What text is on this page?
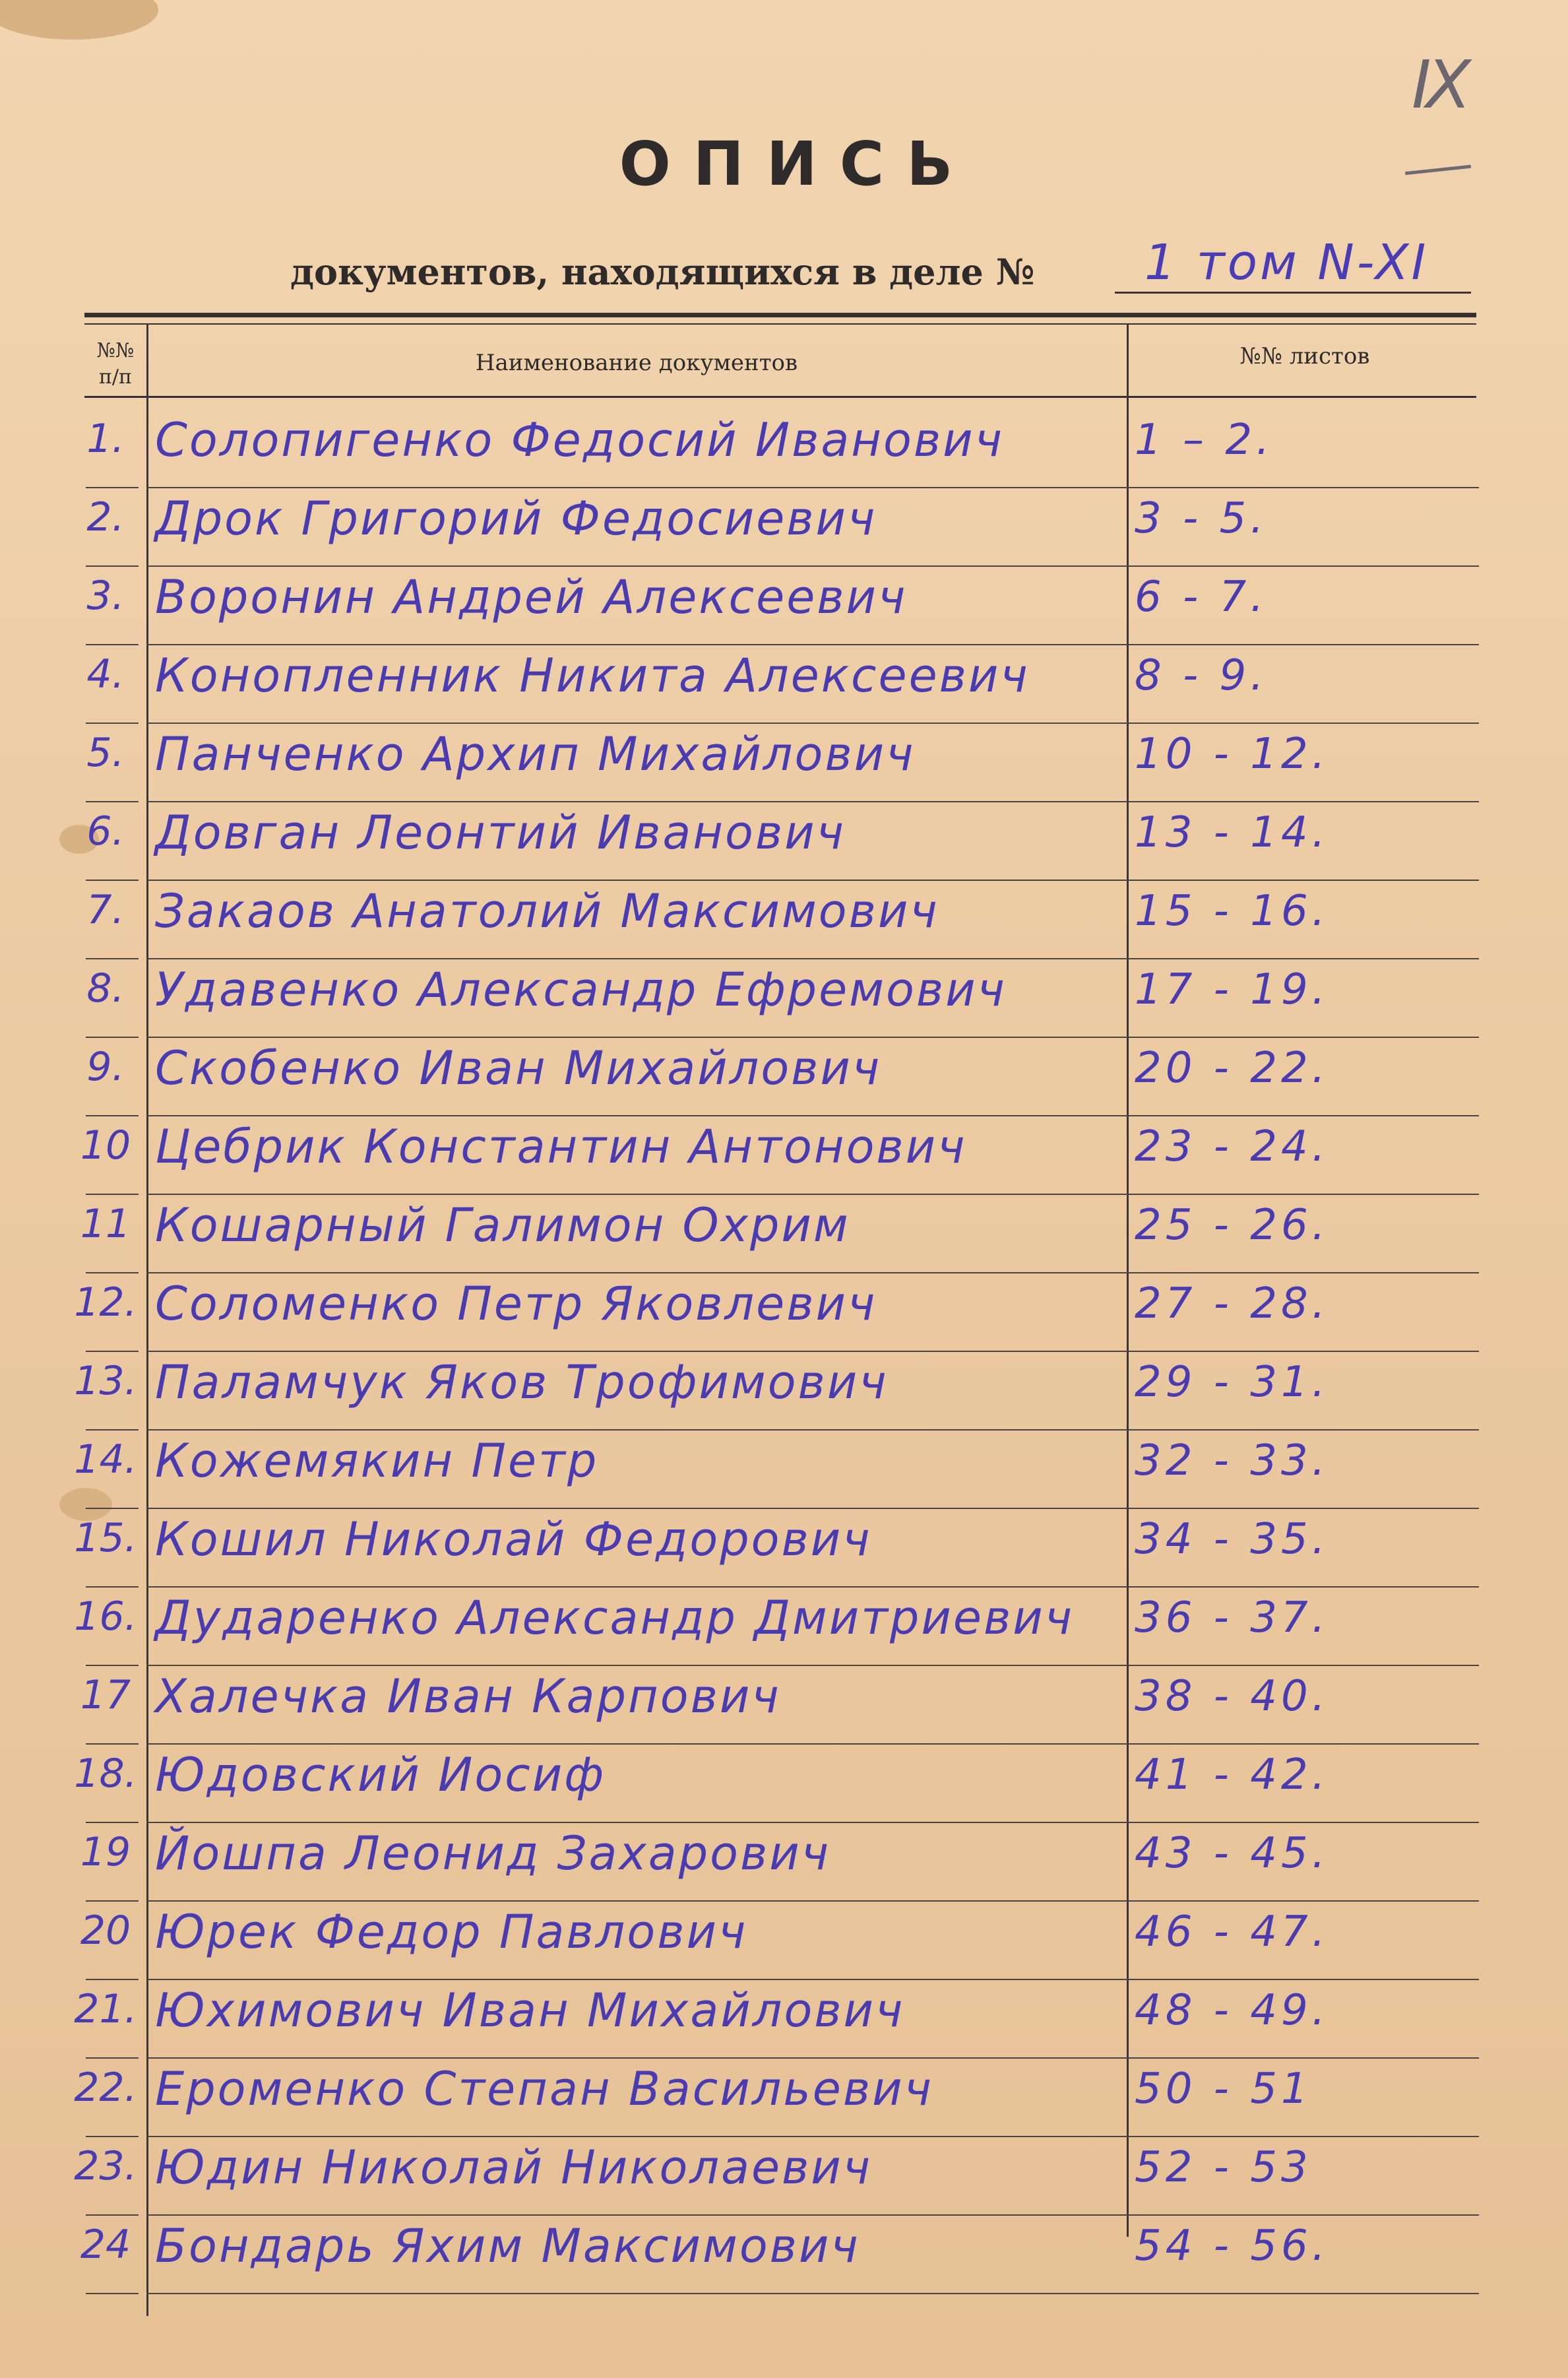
IX
ОПИСЬ
документов, находящихся в деле № 1 том N-XI
№№ п/п
Наименование документов	№№ листов
1. Солопигенко Федосий Иванович	1 – 2.
2. Дрок Григорий Федосиевич	3 - 5.
3. Воронин Андрей Алексеевич	6 - 7.
4. Конопленник Никита Алексеевич 8 - 9.
5. Панченко Архип Михайлович	10 - 12.
6. Довган Леонтий Иванович	13 - 14.
7. Закаов Анатолий Максимович	15 - 16.
8. Удавенко Александр Ефремович	17 - 19.
9. Скобенко Иван Михайлович	20 - 22.
10 Цебрик Константин Антонович	23 - 24.
11 Кошарный Галимон Охрим	25 - 26.
12. Соломенко Петр Яковлевич	27 - 28.
13. Паламчук Яков Трофимович	29 - 31.
14. Кожемякин Петр	32 - 33.
15. Кошил Николай Федорович	34 - 35.
16. Дударенко Александр Дмитриевич 36 - 37.
17 Халечка Иван Карпович	38 - 40.
18. Юдовский Иосиф	41 - 42.
19 Йошпа Леонид Захарович	43 - 45.
20 Юрек Федор Павлович	46 - 47.
21. Юхимович Иван Михайлович	48 - 49.
22. Ероменко Степан Васильевич	50 - 51
23. Юдин Николай Николаевич	52 - 53
24 Бондарь Яхим Максимович	54 - 56.
